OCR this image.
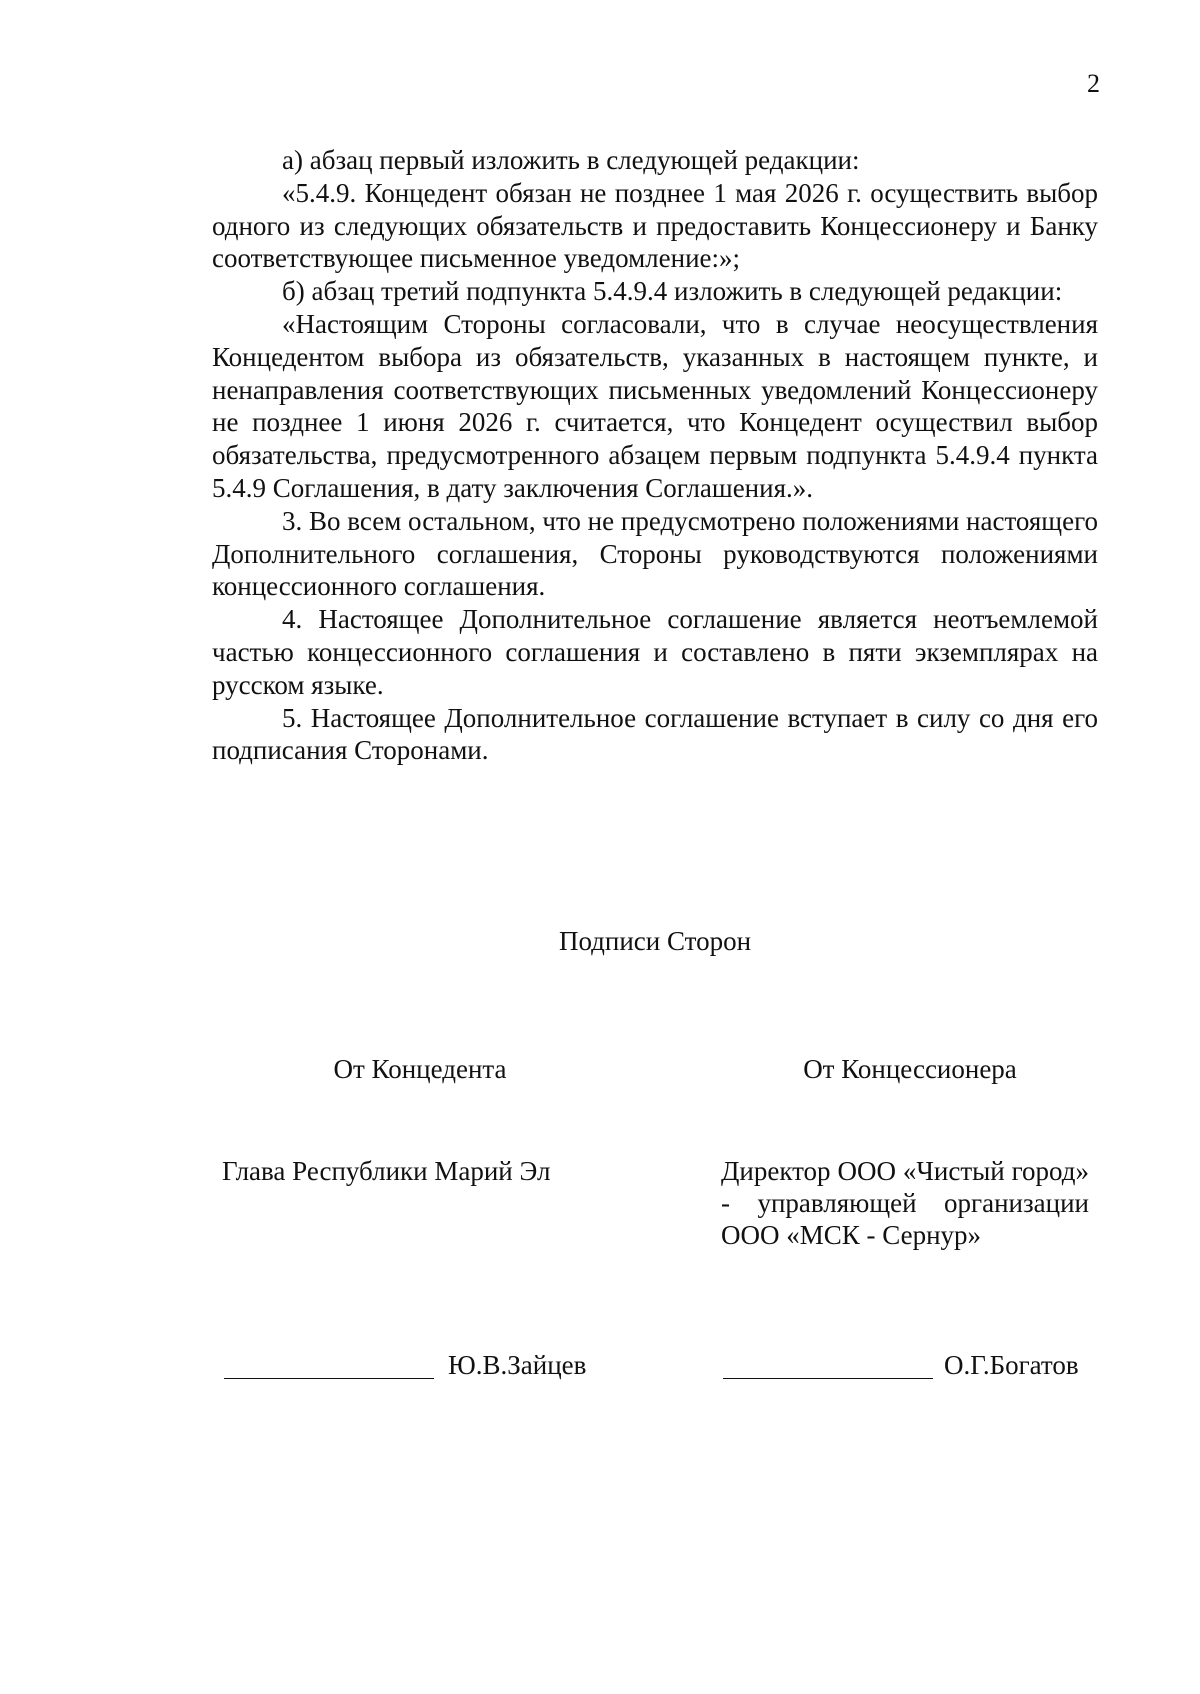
2

а) абзац первый изложить в следующей редакции:

«5.4.9. Концедент обязан не позднее 1 мая 2026 г. осуществить выбор одного из следующих обязательств и предоставить Концессионеру и Банку соответствующее письменное уведомление:»;

б) абзац третий подпункта 5.4.9.4 изложить в следующей редакции:

«Настоящим Стороны согласовали, что в случае неосуществления Концедентом выбора из обязательств, указанных в настоящем пункте, и ненаправления соответствующих письменных уведомлений Концессионеру не позднее 1 июня 2026 г. считается, что Концедент осуществил выбор обязательства, предусмотренного абзацем первым подпункта 5.4.9.4 пункта 5.4.9 Соглашения, в дату заключения Соглашения.».

3. Во всем остальном, что не предусмотрено положениями настоящего Дополнительного соглашения, Стороны руководствуются положениями концессионного соглашения.

4. Настоящее Дополнительное соглашение является неотъемлемой частью концессионного соглашения и составлено в пяти экземплярах на русском языке.

5. Настоящее Дополнительное соглашение вступает в силу со дня его подписания Сторонами.

Подписи Сторон
От Концедента	От Концессионера
Глава Республики Марий Эл	Директор ООО «Чистый город» - управляющей организации ООО «МСК - Сернур»
Ю.В.Зайцев	О.Г.Богатов
